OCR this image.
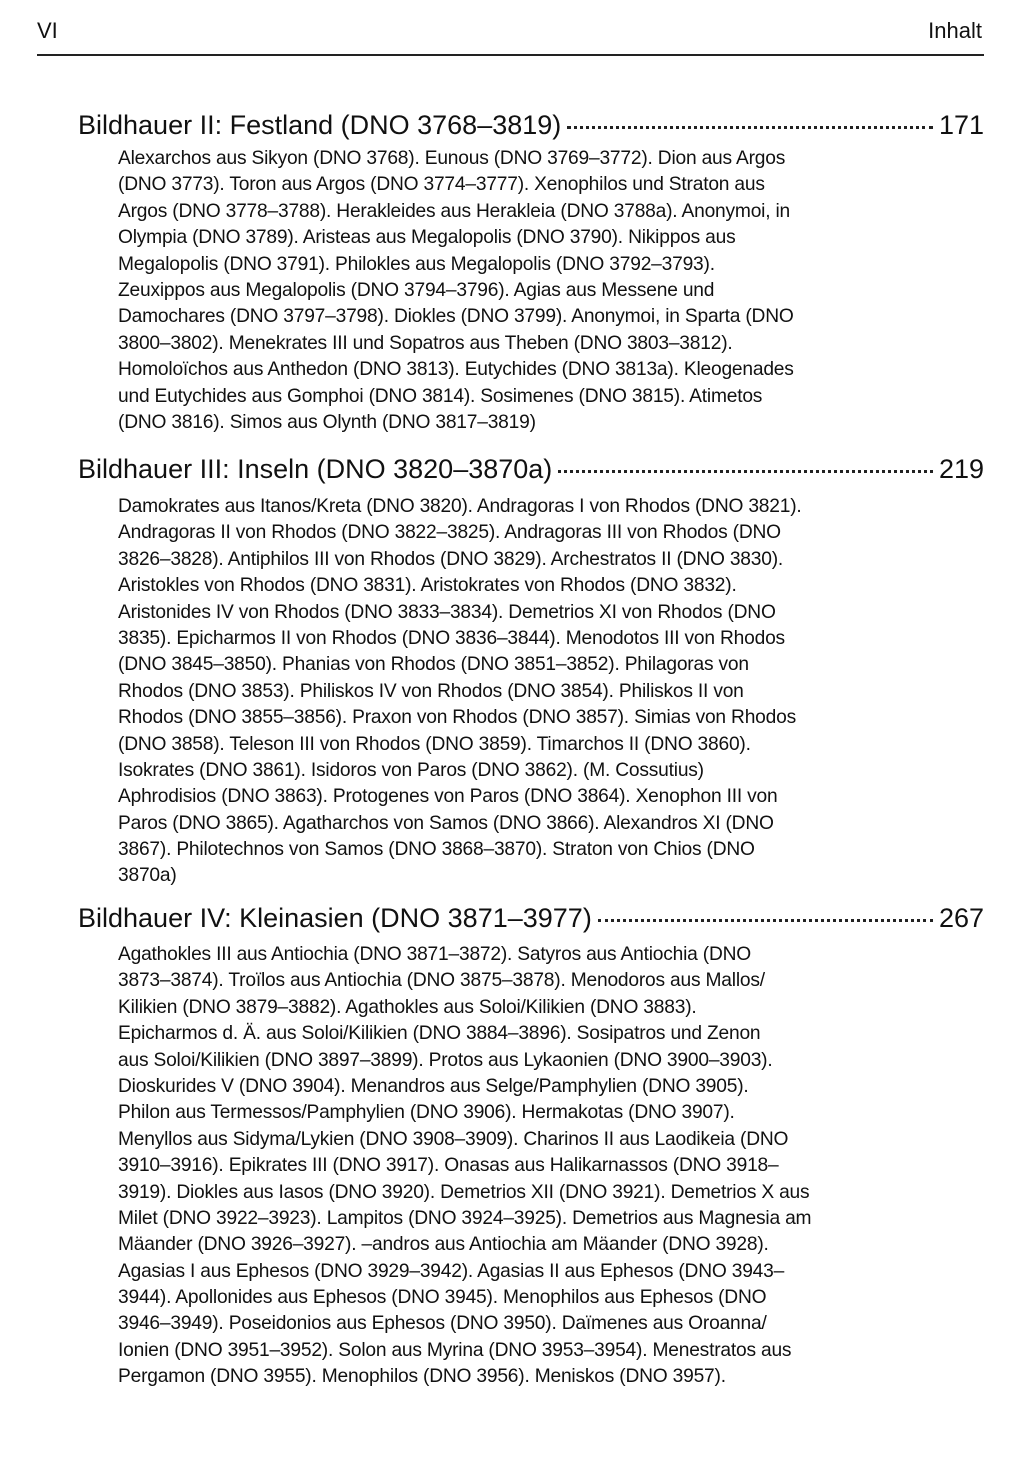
VI	Inhalt
Bildhauer II: Festland (DNO 3768–3819)	171
Alexarchos aus Sikyon (DNO 3768). Eunous (DNO 3769–3772). Dion aus Argos
(DNO 3773). Toron aus Argos (DNO 3774–3777). Xenophilos und Straton aus
Argos (DNO 3778–3788). Herakleides aus Herakleia (DNO 3788a). Anonymoi, in
Olympia (DNO 3789). Aristeas aus Megalopolis (DNO 3790). Nikippos aus
Megalopolis (DNO 3791). Philokles aus Megalopolis (DNO 3792–3793).
Zeuxippos aus Megalopolis (DNO 3794–3796). Agias aus Messene und
Damochares (DNO 3797–3798). Diokles (DNO 3799). Anonymoi, in Sparta (DNO
3800–3802). Menekrates III und Sopatros aus Theben (DNO 3803–3812).
Homoloïchos aus Anthedon (DNO 3813). Eutychides (DNO 3813a). Kleogenades
und Eutychides aus Gomphoi (DNO 3814). Sosimenes (DNO 3815). Atimetos
(DNO 3816). Simos aus Olynth (DNO 3817–3819)
Bildhauer III: Inseln (DNO 3820–3870a)	219
Damokrates aus Itanos/Kreta (DNO 3820). Andragoras I von Rhodos (DNO 3821).
Andragoras II von Rhodos (DNO 3822–3825). Andragoras III von Rhodos (DNO
3826–3828). Antiphilos III von Rhodos (DNO 3829). Archestratos II (DNO 3830).
Aristokles von Rhodos (DNO 3831). Aristokrates von Rhodos (DNO 3832).
Aristonides IV von Rhodos (DNO 3833–3834). Demetrios XI von Rhodos (DNO
3835). Epicharmos II von Rhodos (DNO 3836–3844). Menodotos III von Rhodos
(DNO 3845–3850). Phanias von Rhodos (DNO 3851–3852). Philagoras von
Rhodos (DNO 3853). Philiskos IV von Rhodos (DNO 3854). Philiskos II von
Rhodos (DNO 3855–3856). Praxon von Rhodos (DNO 3857). Simias von Rhodos
(DNO 3858). Teleson III von Rhodos (DNO 3859). Timarchos II (DNO 3860).
Isokrates (DNO 3861). Isidoros von Paros (DNO 3862). (M. Cossutius)
Aphrodisios (DNO 3863). Protogenes von Paros (DNO 3864). Xenophon III von
Paros (DNO 3865). Agatharchos von Samos (DNO 3866). Alexandros XI (DNO
3867). Philotechnos von Samos (DNO 3868–3870). Straton von Chios (DNO
3870a)
Bildhauer IV: Kleinasien (DNO 3871–3977)	267
Agathokles III aus Antiochia (DNO 3871–3872). Satyros aus Antiochia (DNO
3873–3874). Troïlos aus Antiochia (DNO 3875–3878). Menodoros aus Mallos/
Kilikien (DNO 3879–3882). Agathokles aus Soloi/Kilikien (DNO 3883).
Epicharmos d. Ä. aus Soloi/Kilikien (DNO 3884–3896). Sosipatros und Zenon
aus Soloi/Kilikien (DNO 3897–3899). Protos aus Lykaonien (DNO 3900–3903).
Dioskurides V (DNO 3904). Menandros aus Selge/Pamphylien (DNO 3905).
Philon aus Termessos/Pamphylien (DNO 3906). Hermakotas (DNO 3907).
Menyllos aus Sidyma/Lykien (DNO 3908–3909). Charinos II aus Laodikeia (DNO
3910–3916). Epikrates III (DNO 3917). Onasas aus Halikarnassos (DNO 3918–
3919). Diokles aus Iasos (DNO 3920). Demetrios XII (DNO 3921). Demetrios X aus
Milet (DNO 3922–3923). Lampitos (DNO 3924–3925). Demetrios aus Magnesia am
Mäander (DNO 3926–3927). –andros aus Antiochia am Mäander (DNO 3928).
Agasias I aus Ephesos (DNO 3929–3942). Agasias II aus Ephesos (DNO 3943–
3944). Apollonides aus Ephesos (DNO 3945). Menophilos aus Ephesos (DNO
3946–3949). Poseidonios aus Ephesos (DNO 3950). Daïmenes aus Oroanna/
Ionien (DNO 3951–3952). Solon aus Myrina (DNO 3953–3954). Menestratos aus
Pergamon (DNO 3955). Menophilos (DNO 3956). Meniskos (DNO 3957).
